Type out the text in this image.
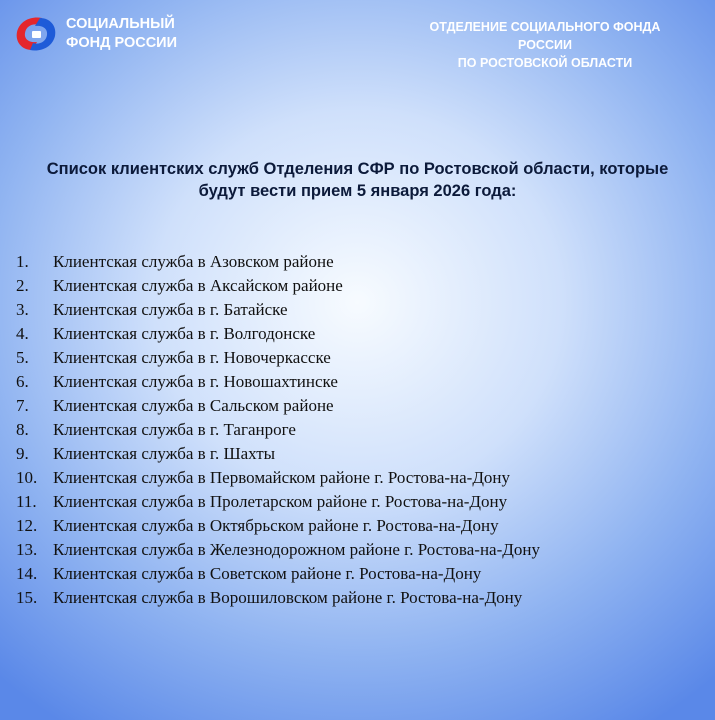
СОЦИАЛЬНЫЙ
ФОНД РОССИИ
ОТДЕЛЕНИЕ СОЦИАЛЬНОГО ФОНДА РОССИИ
ПО РОСТОВСКОЙ ОБЛАСТИ
Список клиентских служб Отделения СФР по Ростовской области, которые
будут вести прием 5 января 2026 года:
1.	Клиентская служба в Азовском районе
2.	Клиентская служба в Аксайском районе
3.	Клиентская служба в г. Батайске
4.	Клиентская служба в г. Волгодонске
5.	Клиентская служба в г. Новочеркасске
6.	Клиентская служба в г. Новошахтинске
7.	Клиентская служба в Сальском районе
8.	Клиентская служба в г. Таганроге
9.	Клиентская служба в г. Шахты
10. Клиентская служба в Первомайском районе г. Ростова-на-Дону
11. Клиентская служба в Пролетарском районе г. Ростова-на-Дону
12. Клиентская служба в Октябрьском районе г. Ростова-на-Дону
13. Клиентская служба в Железнодорожном районе г. Ростова-на-Дону
14. Клиентская служба в Советском районе г. Ростова-на-Дону
15. Клиентская служба в Ворошиловском районе г. Ростова-на-Дону
